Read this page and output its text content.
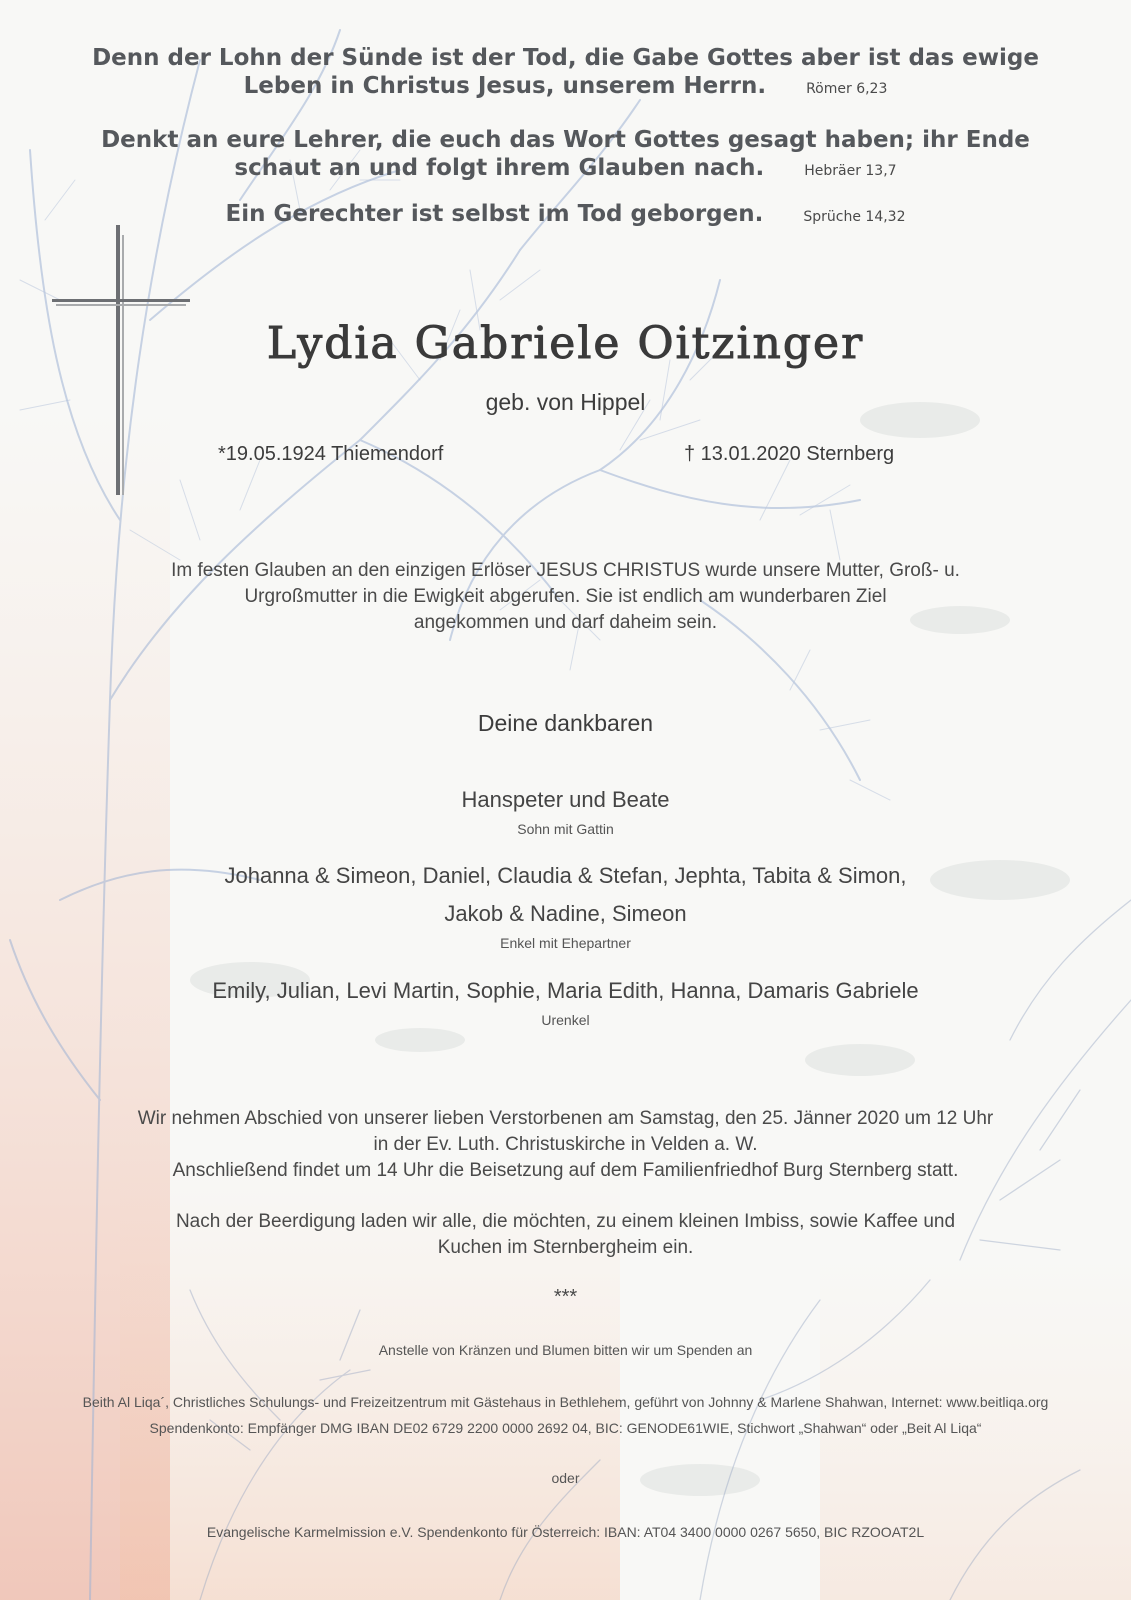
Denn der Lohn der Sünde ist der Tod, die Gabe Gottes aber ist das ewige
Leben in Christus Jesus, unserem Herrn.	Römer 6,23
Denkt an eure Lehrer, die euch das Wort Gottes gesagt haben; ihr Ende
schaut an und folgt ihrem Glauben nach.	Hebräer 13,7
Ein Gerechter ist selbst im Tod geborgen.	Sprüche 14,32
Lydia Gabriele Oitzinger
geb. von Hippel
*19.05.1924 Thiemendorf	† 13.01.2020 Sternberg
Im festen Glauben an den einzigen Erlöser JESUS CHRISTUS wurde unsere Mutter, Groß- u.
Urgroßmutter in die Ewigkeit abgerufen. Sie ist endlich am wunderbaren Ziel
angekommen und darf daheim sein.
Deine dankbaren
Hanspeter und Beate
Sohn mit Gattin
Johanna & Simeon, Daniel, Claudia & Stefan, Jephta, Tabita & Simon,
Jakob & Nadine, Simeon
Enkel mit Ehepartner
Emily, Julian, Levi Martin, Sophie, Maria Edith, Hanna, Damaris Gabriele
Urenkel
Wir nehmen Abschied von unserer lieben Verstorbenen am Samstag, den 25. Jänner 2020 um 12 Uhr
in der Ev. Luth. Christuskirche in Velden a. W.
Anschließend findet um 14 Uhr die Beisetzung auf dem Familienfriedhof Burg Sternberg statt.
Nach der Beerdigung laden wir alle, die möchten, zu einem kleinen Imbiss, sowie Kaffee und
Kuchen im Sternbergheim ein.
***
Anstelle von Kränzen und Blumen bitten wir um Spenden an
Beith Al Liqa´, Christliches Schulungs- und Freizeitzentrum mit Gästehaus in Bethlehem, geführt von Johnny & Marlene Shahwan, Internet: www.beitliqa.org
Spendenkonto: Empfänger DMG IBAN DE02 6729 2200 0000 2692 04, BIC: GENODE61WIE, Stichwort „Shahwan“ oder „Beit Al Liqa“
oder
Evangelische Karmelmission e.V. Spendenkonto für Österreich: IBAN: AT04 3400 0000 0267 5650, BIC RZOOAT2L
